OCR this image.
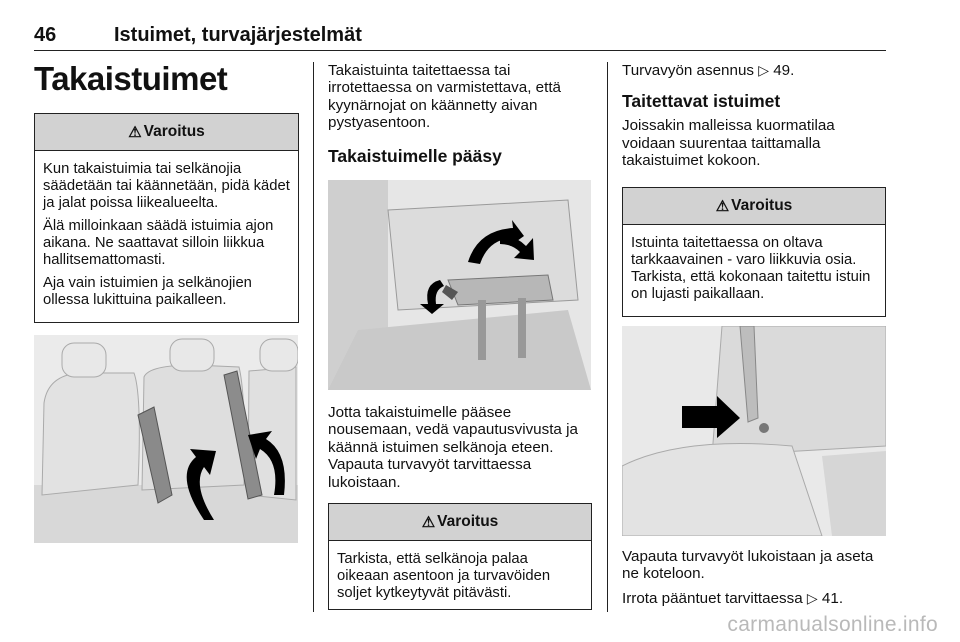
46	Istuimet, turvajärjestelmät
Takaistuimet
⚠ Varoitus

Kun takaistuimia tai selkänojia säädetään tai käännetään, pidä kädet ja jalat poissa liikealueelta.

Älä milloinkaan säädä istuimia ajon aikana. Ne saattavat silloin liikkua hallitsemattomasti.

Aja vain istuimien ja selkänojien ollessa lukittuina paikalleen.

Takaistuinta taitettaessa tai irrotettaessa on varmistettava, että kyynärnojat on käännetty aivan pystyasentoon.

Takaistuimelle pääsy

Jotta takaistuimelle pääsee nousemaan, vedä vapautusvivusta ja käännä istuimen selkänoja eteen. Vapauta turvavyöt tarvittaessa lukoistaan.

⚠ Varoitus

Tarkista, että selkänoja palaa oikeaan asentoon ja turvavöiden soljet kytkeytyvät pitävästi.

Turvavyön asennus ▷ 49.

Taitettavat istuimet

Joissakin malleissa kuormatilaa voidaan suurentaa taittamalla takaistuimet kokoon.

⚠ Varoitus

Istuinta taitettaessa on oltava tarkkaavainen - varo liikkuvia osia. Tarkista, että kokonaan taitettu istuin on lujasti paikallaan.

Vapauta turvavyöt lukoistaan ja aseta ne koteloon.

Irrota pääntuet tarvittaessa ▷ 41.

carmanualsonline.info
